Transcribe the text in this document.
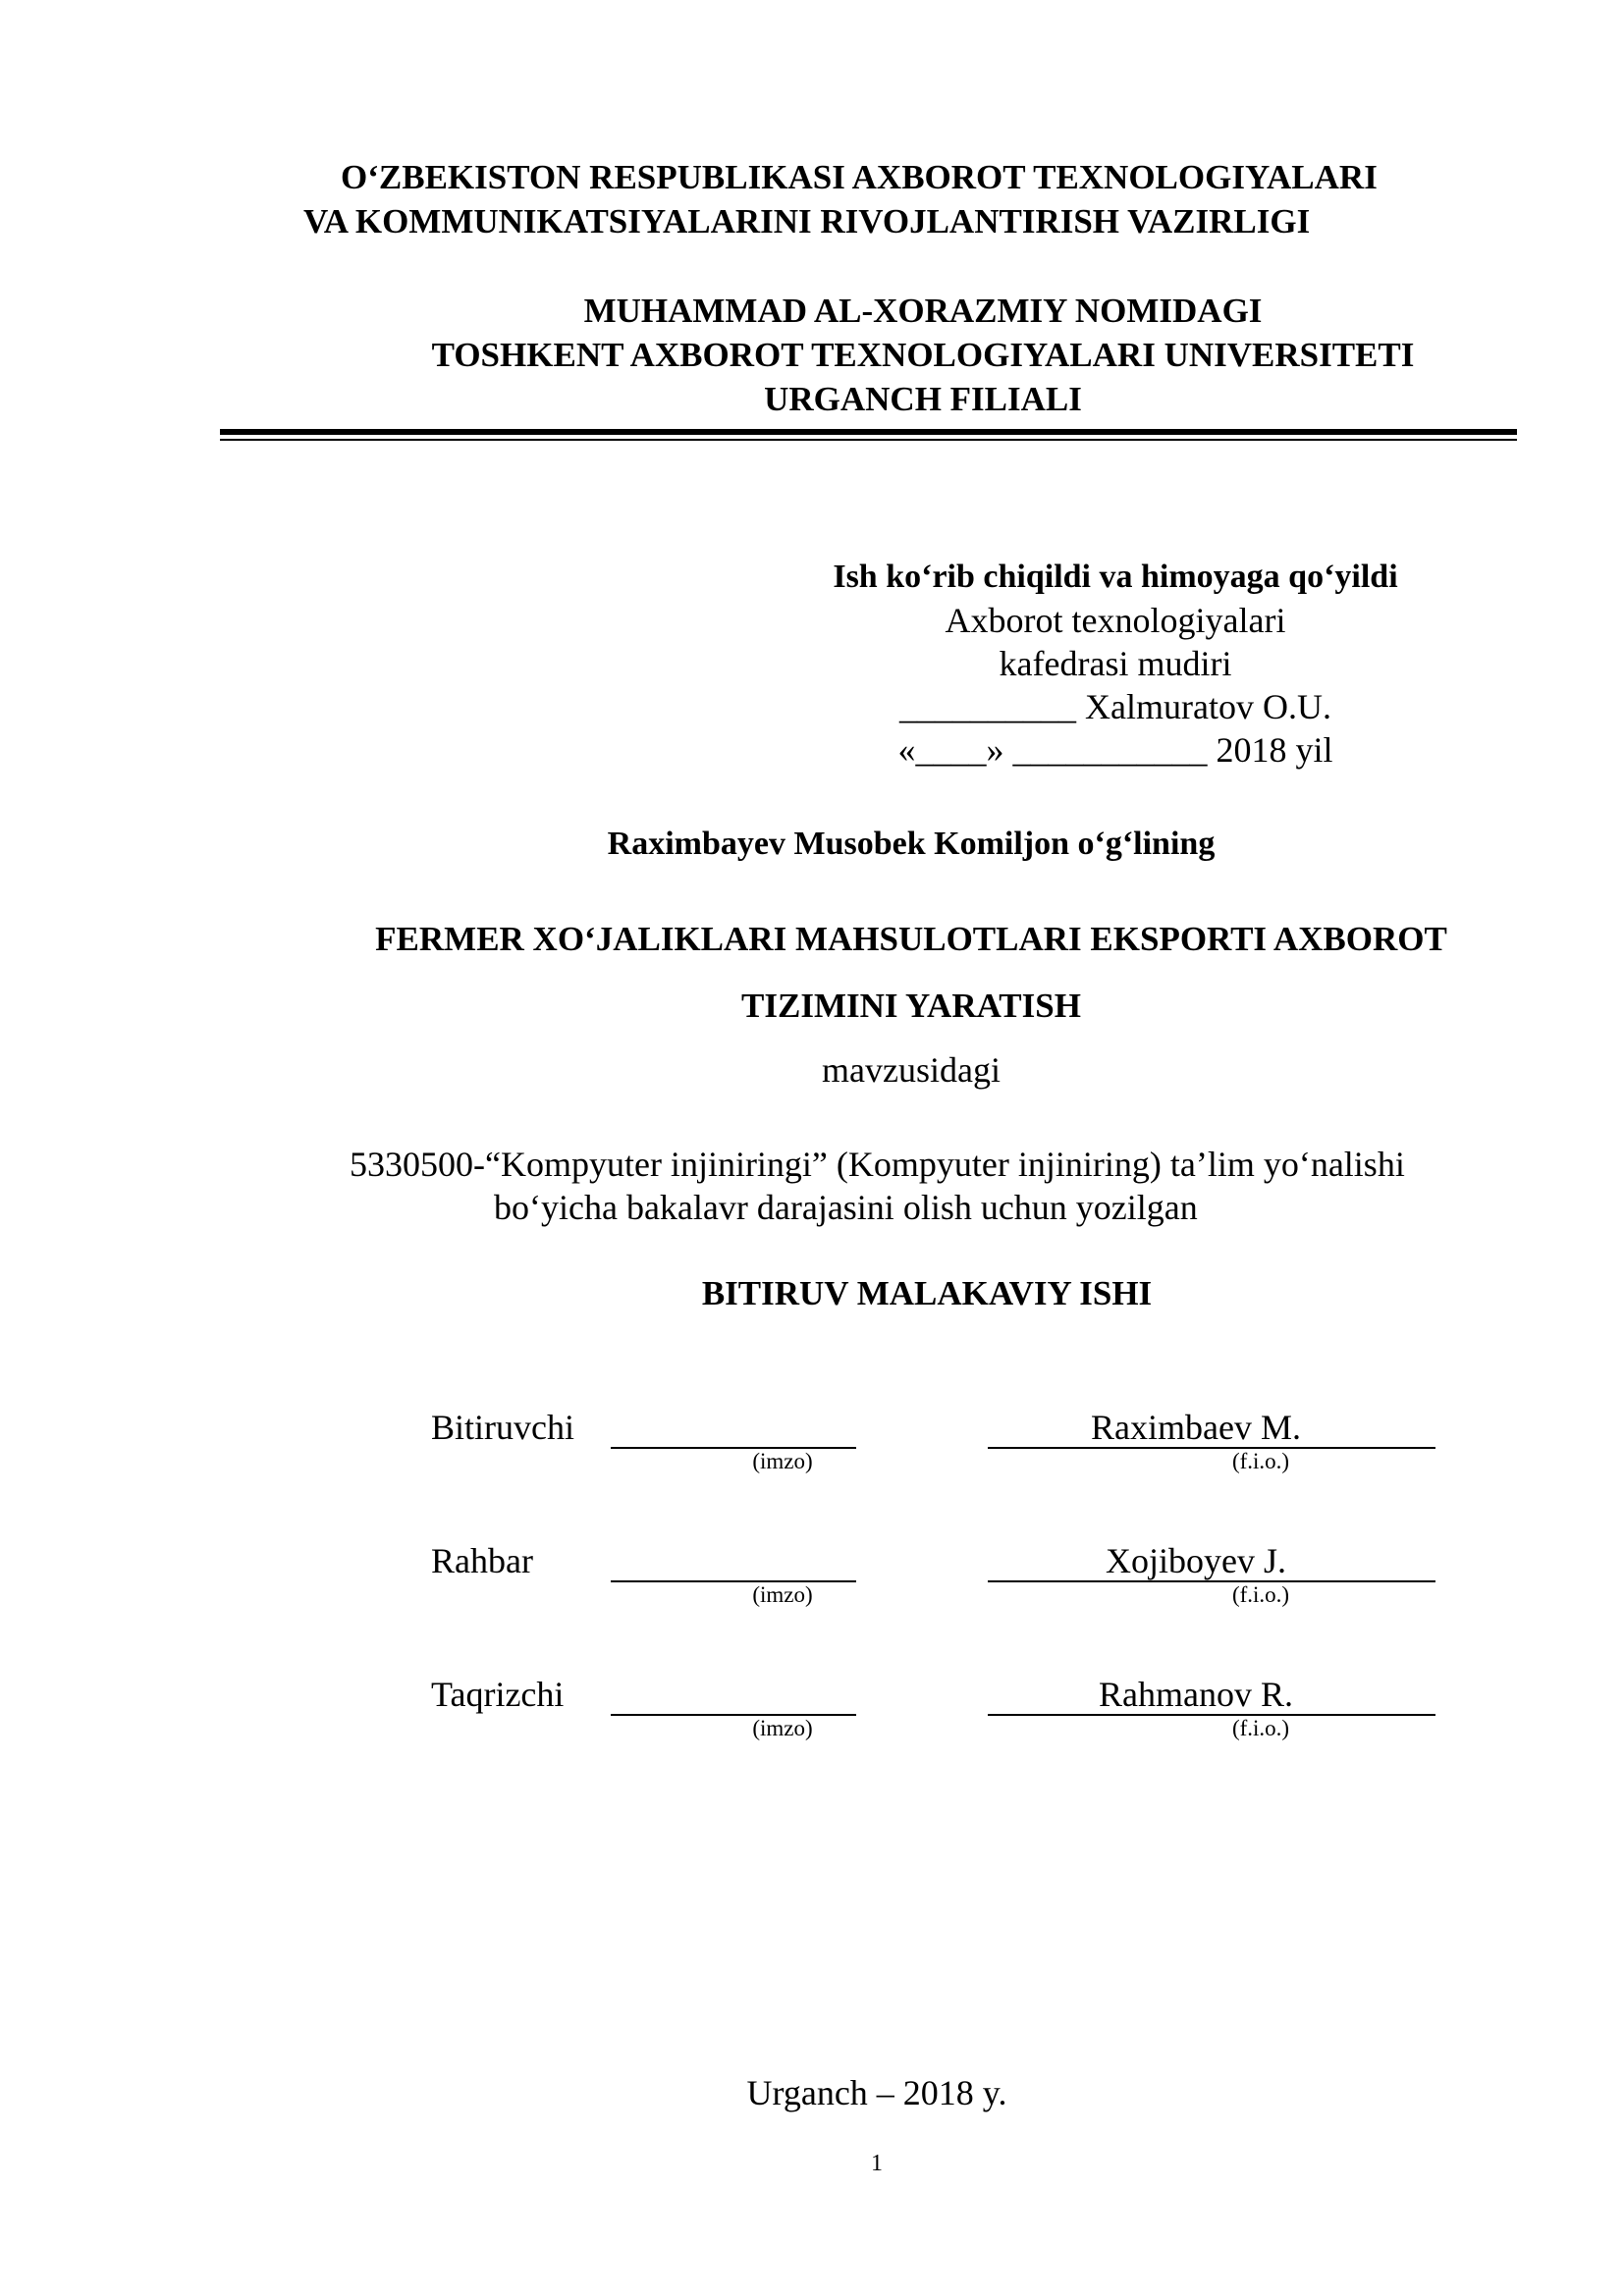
O‘ZBEKISTON RESPUBLIKASI AXBOROT TEXNOLOGIYALARI
VA KOMMUNIKATSIYALARINI RIVOJLANTIRISH VAZIRLIGI
MUHAMMAD AL-XORAZMIY NOMIDAGI
TOSHKENT AXBOROT TEXNOLOGIYALARI UNIVERSITETI
URGANCH FILIALI
Ish ko‘rib chiqildi va himoyaga qo‘yildi
Axborot texnologiyalari
kafedrasi mudiri
__________ Xalmuratov O.U.
«____» ___________ 2018 yil
Raximbayev Musobek Komiljon o‘g‘lining
FERMER XO‘JALIKLARI MAHSULOTLARI EKSPORTI AXBOROT
TIZIMINI YARATISH
mavzusidagi
5330500-“Kompyuter injiniringi” (Kompyuter injiniring) ta’lim yo‘nalishi
bo‘yicha bakalavr darajasini olish uchun yozilgan
BITIRUV MALAKAVIY ISHI
Bitiruvchi
(imzo)
Raximbaev M.
(f.i.o.)
Rahbar
(imzo)
Xojiboyev J.
(f.i.o.)
Taqrizchi
(imzo)
Rahmanov R.
(f.i.o.)
Urganch – 2018 y.
1
